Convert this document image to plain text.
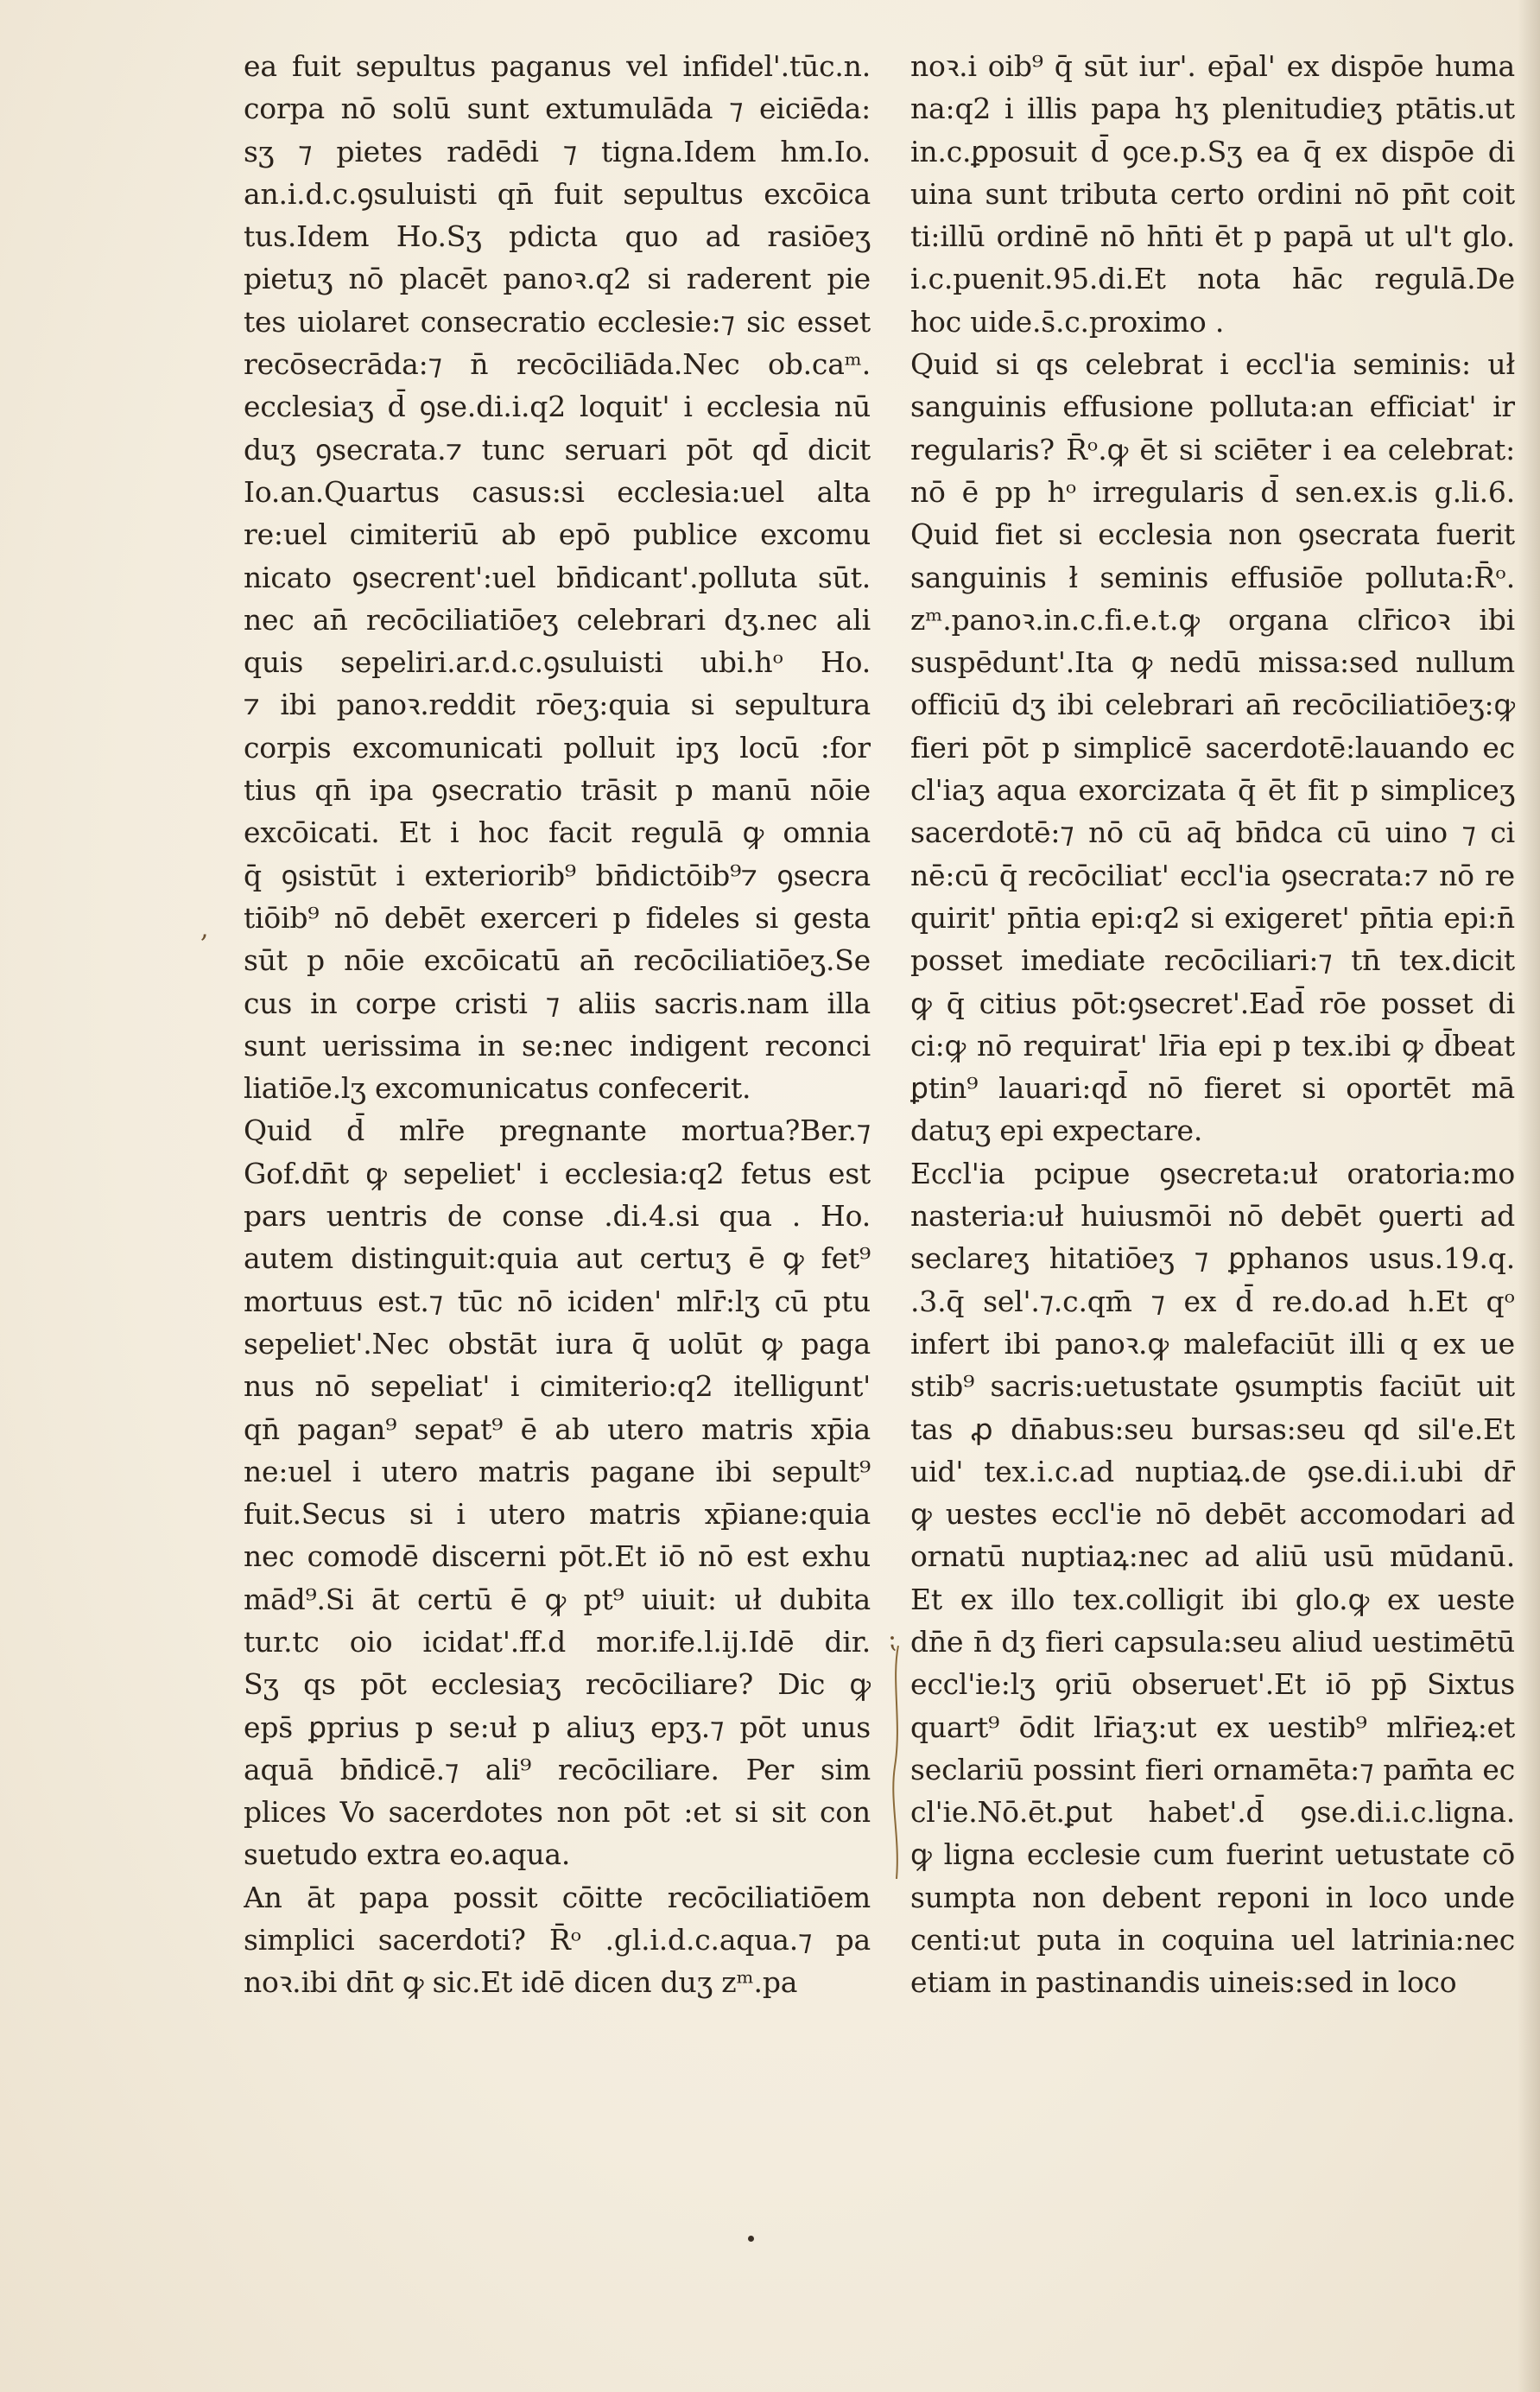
ea fuit sepultus paganus vel infidel'.tūc.n.
corpa nō solū sunt extumulāda ⁊ eiciēda:
sʒ ⁊ pietes radēdi ⁊ tigna.Idem hm.Io.
an.i.d.c.ꝯsuluisti qn̄ fuit sepultus excōica
tus.Idem Ho.Sʒ pdicta quo ad rasiōeʒ
pietuʒ nō placēt panoꝛ.q2 si raderent pie
tes uiolaret consecratio ecclesie:⁊ sic esset
recōsecrāda:⁊ n̄ recōciliāda.Nec ob.caᵐ.
ecclesiaʒ d̄ ꝯse.di.i.q2 loquit' i ecclesia nū
duʒ ꝯsecrata.⁊ tunc seruari pōt qd̄ dicit
Io.an.Quartus casus:si ecclesia:uel alta
re:uel cimiteriū ab epō publice excomu
nicato ꝯsecrent':uel bn̄dicant'.polluta sūt.
nec an̄ recōciliatiōeʒ celebrari dʒ.nec ali
quis sepeliri.ar.d.c.ꝯsuluisti ubi.hᵒ Ho.
⁊ ibi panoꝛ.reddit rōeʒ:quia si sepultura
corpis excomunicati polluit ipʒ locū :for
tius qn̄ ipa ꝯsecratio trāsit p manū nōie
excōicati. Et i hoc facit regulā ꝙ omnia
q̄ ꝯsistūt i exteriorib⁹ bn̄dictōib⁹⁊ ꝯsecra
tiōib⁹ nō debēt exerceri p fideles si gesta
sūt p nōie excōicatū an̄ recōciliatiōeʒ.Se
cus in corpe cristi ⁊ aliis sacris.nam illa
sunt uerissima in se:nec indigent reconci
liatiōe.lʒ excomunicatus confecerit.
Quid d̄ mlr̄e pregnante mortua?Ber.⁊
Gof.dn̄t ꝙ sepeliet' i ecclesia:q2 fetus est
pars uentris de conse .di.4.si qua . Ho.
autem distinguit:quia aut certuʒ ē ꝙ fet⁹
mortuus est.⁊ tūc nō iciden' mlr̄:lʒ cū ptu
sepeliet'.Nec obstāt iura q̄ uolūt ꝙ paga
nus nō sepeliat' i cimiterio:q2 itelligunt'
qn̄ pagan⁹ sepat⁹ ē ab utero matris xp̄ia
ne:uel i utero matris pagane ibi sepult⁹
fuit.Secus si i utero matris xp̄iane:quia
nec comodē discerni pōt.Et iō nō est exhu
mād⁹.Si āt certū ē ꝙ pt⁹ uiuit: uł dubita
tur.tc oio icidat'.ff.d mor.ife.l.ij.Idē dir.
Sʒ qs pōt ecclesiaʒ recōciliare? Dic ꝙ
eps̄ ꝑprius p se:uł p aliuʒ epʒ.⁊ pōt unus
aquā bn̄dicē.⁊ ali⁹ recōciliare. Per sim
plices Vo sacerdotes non pōt :et si sit con
suetudo extra eo.aqua.
An āt papa possit cōitte recōciliatiōem
simplici sacerdoti? R̄ᵒ .gl.i.d.c.aqua.⁊ pa
noꝛ.ibi dn̄t ꝙ sic.Et idē dicen duʒ zᵐ.pa
noꝛ.i oib⁹ q̄ sūt iur'. ep̄al' ex dispōe huma
na:q2 i illis papa hʒ plenitudieʒ ptātis.ut
in.c.ꝑposuit d̄ ꝯce.p.Sʒ ea q̄ ex dispōe di
uina sunt tributa certo ordini nō pn̄t coit
ti:illū ordinē nō hn̄ti ēt p papā ut ul't glo.
i.c.puenit.95.di.Et nota hāc regulā.De
hoc uide.s̄.c.proximo .
Quid si qs celebrat i eccl'ia seminis: uł
sanguinis effusione polluta:an efficiat' ir
regularis? R̄ᵒ.ꝙ ēt si sciēter i ea celebrat:
nō ē pp hᵒ irregularis d̄ sen.ex.is g.li.6.
Quid fiet si ecclesia non ꝯsecrata fuerit
sanguinis ł seminis effusiōe polluta:R̄ᵒ.
zᵐ.panoꝛ.in.c.fi.e.t.ꝙ organa clr̄icoꝛ ibi
suspēdunt'.Ita ꝙ nedū missa:sed nullum
officiū dʒ ibi celebrari an̄ recōciliatiōeʒ:ꝙ
fieri pōt p simplicē sacerdotē:lauando ec
cl'iaʒ aqua exorcizata q̄ ēt fit p simpliceʒ
sacerdotē:⁊ nō cū aq̄ bn̄dca cū uino ⁊ ci
nē:cū q̄ recōciliat' eccl'ia ꝯsecrata:⁊ nō re
quirit' pn̄tia epi:q2 si exigeret' pn̄tia epi:n̄
posset imediate recōciliari:⁊ tn̄ tex.dicit
ꝙ q̄ citius pōt:ꝯsecret'.Ead̄ rōe posset di
ci:ꝙ nō requirat' lr̄ia epi p tex.ibi ꝙ d̄beat
ꝑtin⁹ lauari:qd̄ nō fieret si oportēt mā
datuʒ epi expectare.
Eccl'ia pcipue ꝯsecreta:uł oratoria:mo
nasteria:uł huiusmōi nō debēt ꝯuerti ad
seclareʒ hitatiōeʒ ⁊ ꝑphanos usus.19.q.
.3.q̄ sel'.⁊.c.qm̄ ⁊ ex d̄ re.do.ad h.Et qᵒ
infert ibi panoꝛ.ꝙ malefaciūt illi q ex ue
stib⁹ sacris:uetustate ꝯsumptis faciūt uit
tas ꝓ dn̄abus:seu bursas:seu qd sil'e.Et
uid' tex.i.c.ad nuptiaꝝ.de ꝯse.di.i.ubi dr̄
ꝙ uestes eccl'ie nō debēt accomodari ad
ornatū nuptiaꝝ:nec ad aliū usū mūdanū.
Et ex illo tex.colligit ibi glo.ꝙ ex ueste
dn̄e n̄ dʒ fieri capsula:seu aliud uestimētū
eccl'ie:lʒ ꝯriū obseruet'.Et iō pp̄ Sixtus
quart⁹ ōdit lr̄iaʒ:ut ex uestib⁹ mlr̄ieꝝ:et
seclariū possint fieri ornamēta:⁊ pam̄ta ec
cl'ie.Nō.ēt.ꝑut habet'.d̄ ꝯse.di.i.c.ligna.
ꝙ ligna ecclesie cum fuerint uetustate cō
sumpta non debent reponi in loco unde
centi:ut puta in coquina uel latrinia:nec
etiam in pastinandis uineis:sed in loco
,
⁏
